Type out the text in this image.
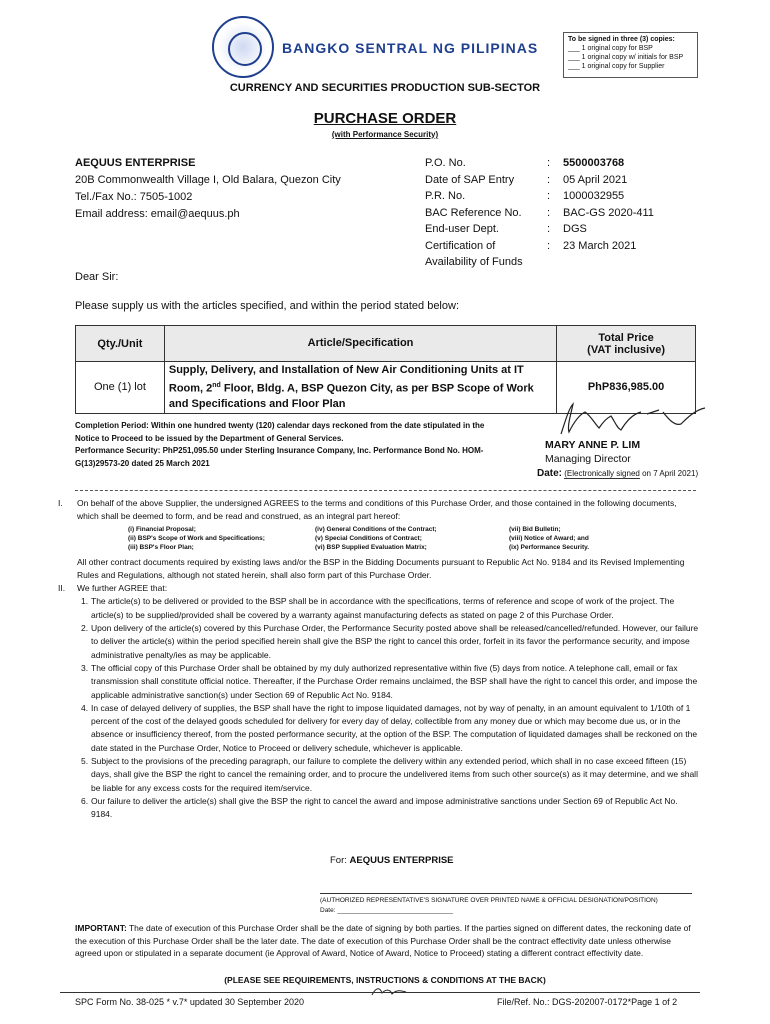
BANGKO SENTRAL NG PILIPINAS
To be signed in three (3) copies:
___ 1 original copy for BSP
___ 1 original copy w/ initials for BSP
___ 1 original copy for Supplier
CURRENCY AND SECURITIES PRODUCTION SUB-SECTOR
PURCHASE ORDER
(with Performance Security)
AEQUUS ENTERPRISE
20B Commonwealth Village I, Old Balara, Quezon City
Tel./Fax No.: 7505-1002
Email address: email@aequus.ph
P.O. No.	:	5500003768
Date of SAP Entry	:	05 April 2021
P.R. No.	:	1000032955
BAC Reference No.	:	BAC-GS 2020-411
End-user Dept.	:	DGS
Certification of	:	23 March 2021
Availability of Funds
Dear Sir:
Please supply us with the articles specified, and within the period stated below:
Qty./Unit	Article/Specification	Total Price
(VAT inclusive)

One (1) lot	Supply, Delivery, and Installation of New Air Conditioning Units at IT Room, 2nd Floor, Bldg. A, BSP Quezon City, as per BSP Scope of Work and Specifications and Floor Plan	PhP836,985.00
Completion Period: Within one hundred twenty (120) calendar days reckoned from the date stipulated in the Notice to Proceed to be issued by the Department of General Services.
Performance Security: PhP251,095.50 under Sterling Insurance Company, Inc. Performance Bond No. HOM-G(13)29573-20 dated 25 March 2021
MARY ANNE P. LIM
Managing Director
Date: (Electronically signed on 7 April 2021)
I.	On behalf of the above Supplier, the undersigned AGREES to the terms and conditions of this Purchase Order, and those contained in the following documents, which shall be deemed to form, and be read and construed, as an integral part hereof:
(i) Financial Proposal;	(iv) General Conditions of the Contract;	(vii) Bid Bulletin;
(ii) BSP's Scope of Work and Specifications;	(v) Special Conditions of Contract;	(viii) Notice of Award; and
(iii) BSP's Floor Plan;	(vi) BSP Supplied Evaluation Matrix;	(ix) Performance Security.
All other contract documents required by existing laws and/or the BSP in the Bidding Documents pursuant to Republic Act No. 9184 and its Revised Implementing Rules and Regulations, although not stated herein, shall also form part of this Purchase Order.
II.	We further AGREE that:
1. The article(s) to be delivered or provided to the BSP shall be in accordance with the specifications, terms of reference and scope of work of the project. The article(s) to be supplied/provided shall be covered by a warranty against manufacturing defects as stated on page 2 of this Purchase Order.
2. Upon delivery of the article(s) covered by this Purchase Order, the Performance Security posted above shall be released/cancelled/refunded. However, our failure to deliver the article(s) within the period specified herein shall give the BSP the right to cancel this order, forfeit in its favor the performance security, and impose administrative penalty/ies as may be applicable.
3. The official copy of this Purchase Order shall be obtained by my duly authorized representative within five (5) days from notice. A telephone call, email or fax transmission shall constitute official notice. Thereafter, if the Purchase Order remains unclaimed, the BSP shall have the right to cancel this order, and impose the applicable administrative sanction(s) under Section 69 of Republic Act No. 9184.
4. In case of delayed delivery of supplies, the BSP shall have the right to impose liquidated damages, not by way of penalty, in an amount equivalent to 1/10th of 1 percent of the cost of the delayed goods scheduled for delivery for every day of delay, collectible from any money due or which may become due us, or in the absence or insufficiency thereof, from the posted performance security, at the option of the BSP. The computation of liquidated damages shall be reckoned on the date stated in the Purchase Order, Notice to Proceed or delivery schedule, whichever is applicable.
5. Subject to the provisions of the preceding paragraph, our failure to complete the delivery within any extended period, which shall in no case exceed fifteen (15) days, shall give the BSP the right to cancel the remaining order, and to procure the undelivered items from such other source(s) as it may determine, and we shall be liable for any excess costs for the required item/service.
6. Our failure to deliver the article(s) shall give the BSP the right to cancel the award and impose administrative sanctions under Section 69 of Republic Act No. 9184.
For: AEQUUS ENTERPRISE
(AUTHORIZED REPRESENTATIVE'S SIGNATURE OVER PRINTED NAME & OFFICIAL DESIGNATION/POSITION)
Date: ________________________________
IMPORTANT: The date of execution of this Purchase Order shall be the date of signing by both parties. If the parties signed on different dates, the reckoning date of the execution of this Purchase Order shall be the later date. The date of execution of this Purchase Order shall be the contract effectivity date unless otherwise agreed upon or stipulated in a separate document (ie Approval of Award, Notice of Award, Notice to Proceed) stating a different contract effectivity date.
(PLEASE SEE REQUIREMENTS, INSTRUCTIONS & CONDITIONS AT THE BACK)
SPC Form No. 38-025 * v.7* updated 30 September 2020	File/Ref. No.: DGS-202007-0172*Page 1 of 2
